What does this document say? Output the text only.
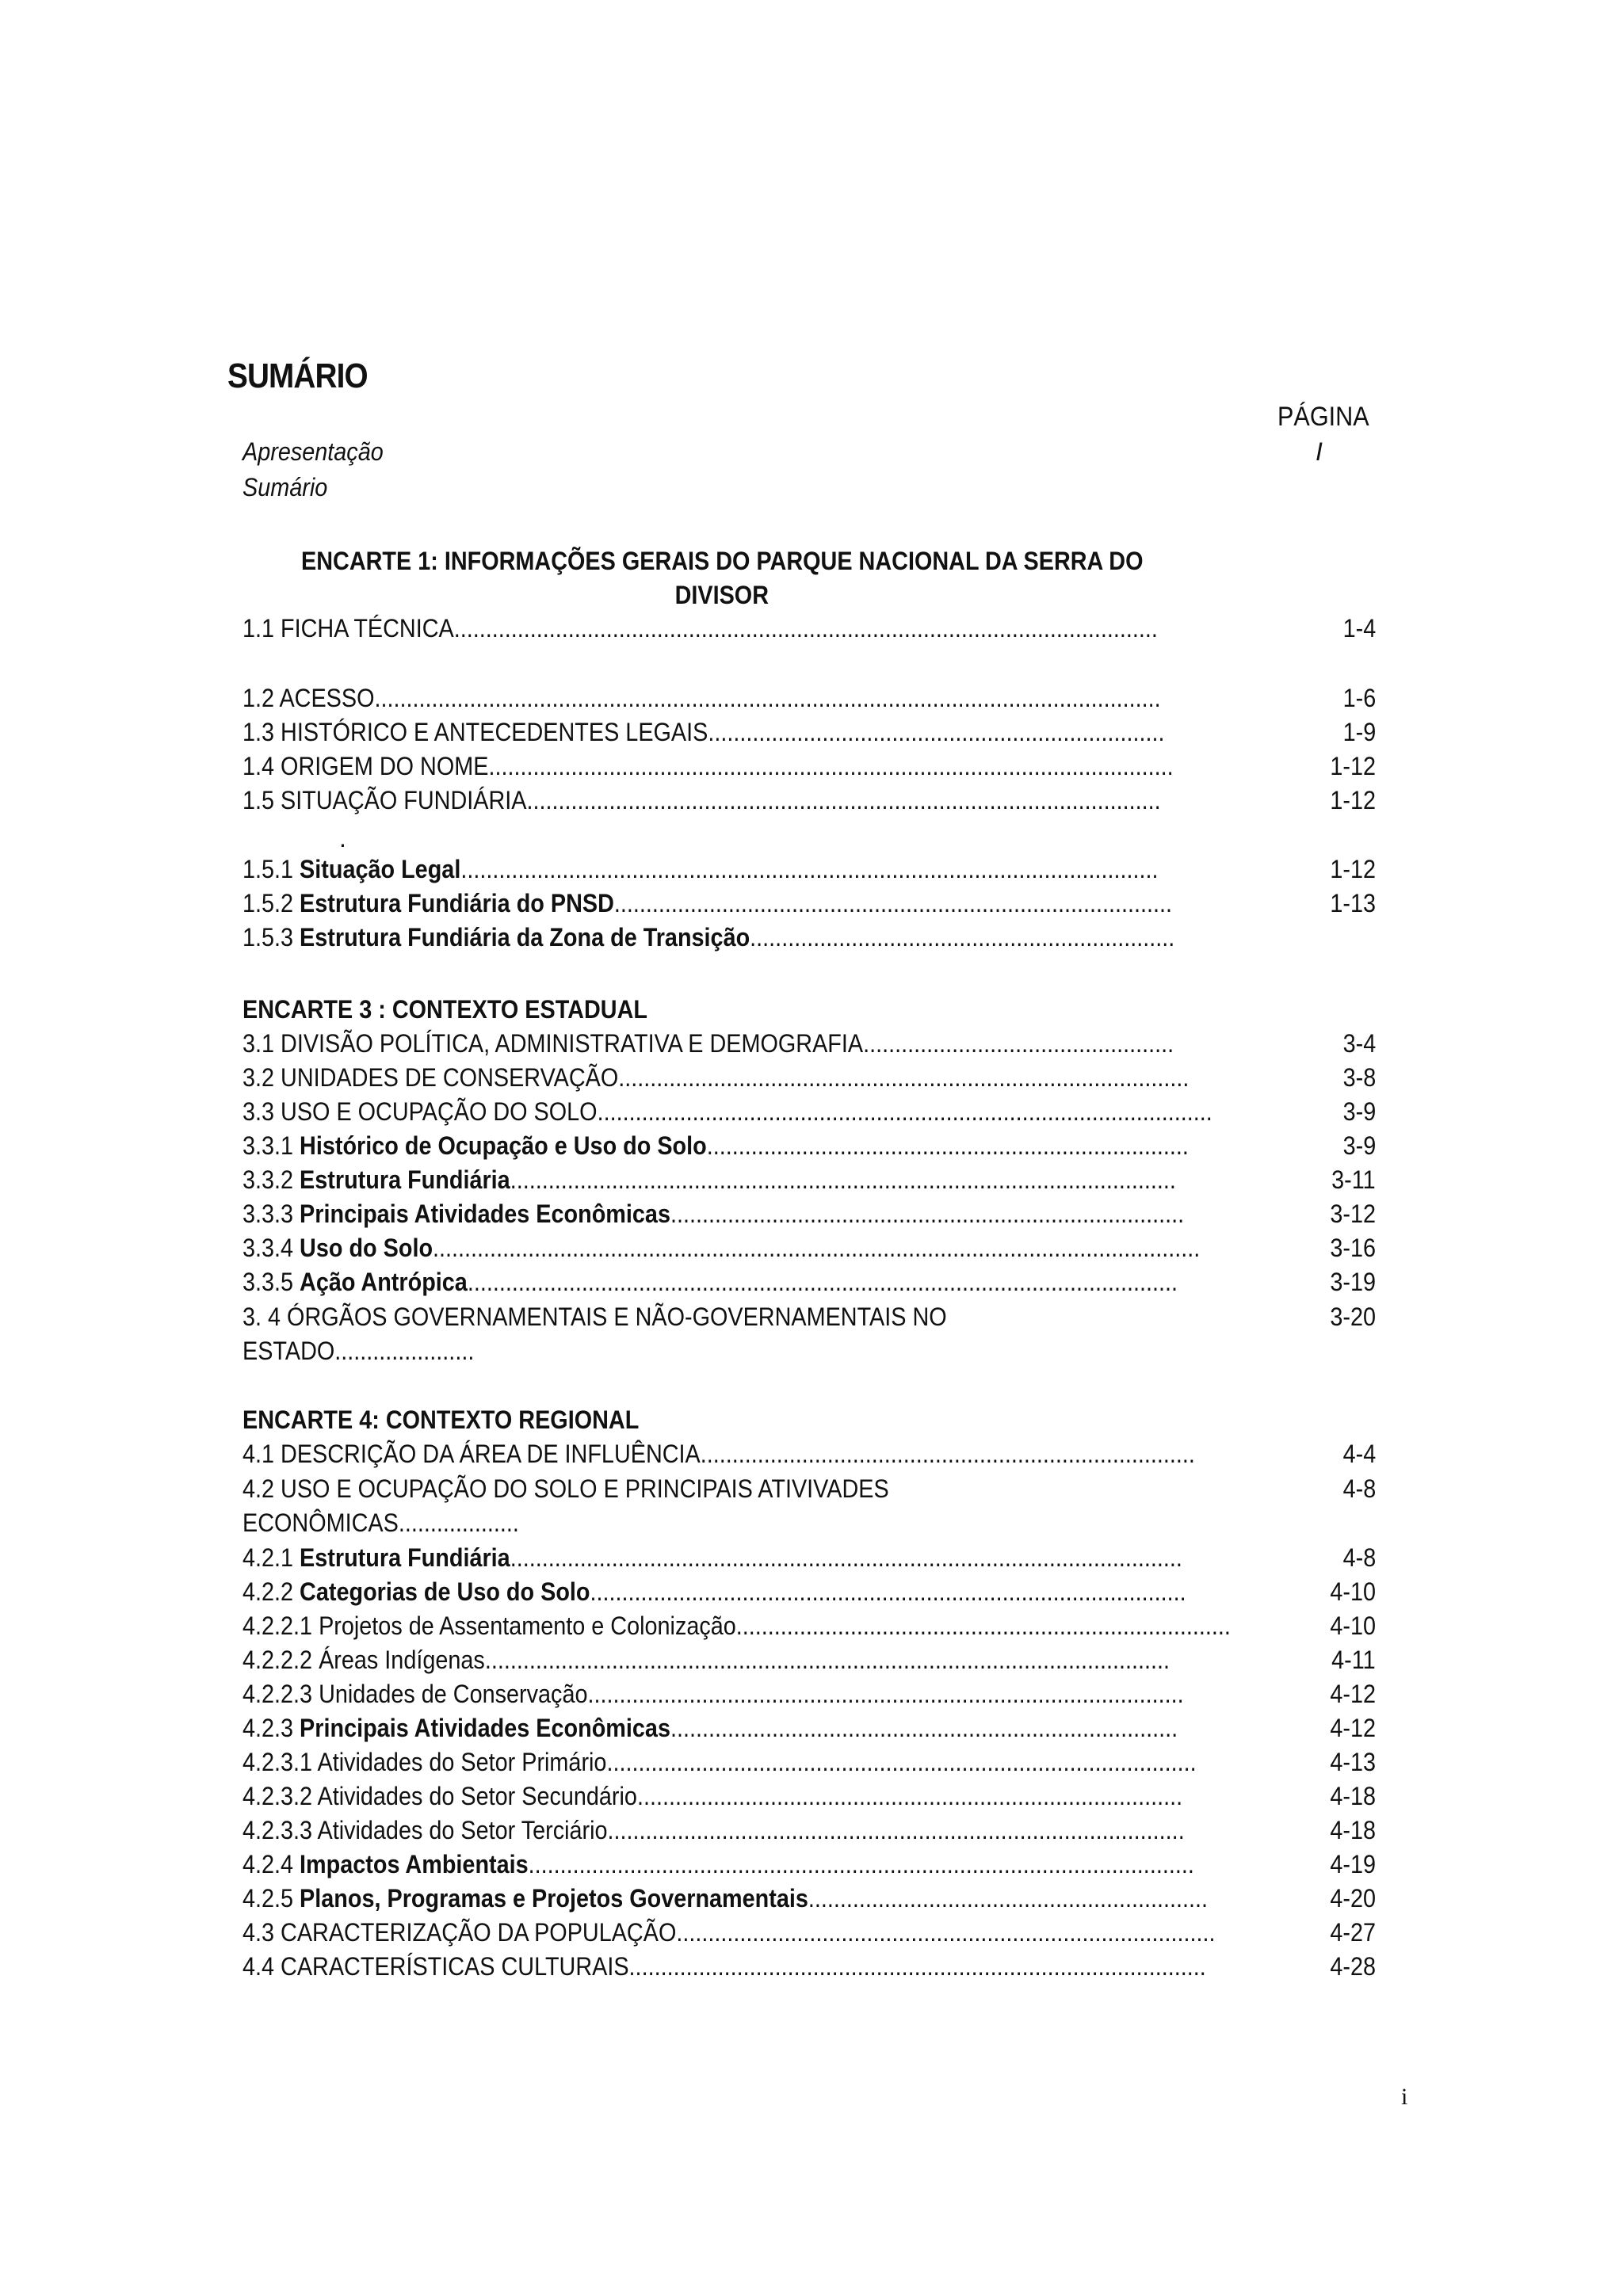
SUMÁRIO
PÁGINA
Apresentação	I
Sumário
ENCARTE 1: INFORMAÇÕES GERAIS DO PARQUE NACIONAL DA SERRA DO
DIVISOR
.
1.1 FICHA TÉCNICA...............................................................................................................	1-4
1.2 ACESSO............................................................................................................................	1-6
1.3 HISTÓRICO E ANTECEDENTES LEGAIS........................................................................	1-9
1.4 ORIGEM DO NOME............................................................................................................	1-12
1.5 SITUAÇÃO FUNDIÁRIA....................................................................................................	1-12
1.5.1 Situação Legal..............................................................................................................	1-12
1.5.2 Estrutura Fundiária do PNSD........................................................................................	1-13
1.5.3 Estrutura Fundiária da Zona de Transição...................................................................
ENCARTE 3 : CONTEXTO ESTADUAL
3.1 DIVISÃO POLÍTICA, ADMINISTRATIVA E DEMOGRAFIA.................................................	3-4
3.2 UNIDADES DE CONSERVAÇÃO..........................................................................................	3-8
3.3 USO E OCUPAÇÃO DO SOLO.................................................................................................	3-9
3.3.1 Histórico de Ocupação e Uso do Solo............................................................................	3-9
3.3.2 Estrutura Fundiária.........................................................................................................	3-11
3.3.3 Principais Atividades Econômicas.................................................................................	3-12
3.3.4 Uso do Solo.........................................................................................................................	3-16
3.3.5 Ação Antrópica................................................................................................................	3-19
3. 4 ÓRGÃOS GOVERNAMENTAIS E NÃO-GOVERNAMENTAIS NO	3-20
ESTADO......................
ENCARTE 4: CONTEXTO REGIONAL
4.1 DESCRIÇÃO DA ÁREA DE INFLUÊNCIA..............................................................................	4-4
4.2 USO E OCUPAÇÃO DO SOLO E PRINCIPAIS ATIVIVADES	4-8
ECONÔMICAS...................
4.2.1 Estrutura Fundiária..........................................................................................................	4-8
4.2.2 Categorias de Uso do Solo..............................................................................................	4-10
4.2.2.1 Projetos de Assentamento e Colonização..............................................................................	4-10
4.2.2.2 Áreas Indígenas............................................................................................................	4-11
4.2.2.3 Unidades de Conservação..............................................................................................	4-12
4.2.3 Principais Atividades Econômicas................................................................................	4-12
4.2.3.1 Atividades do Setor Primário.............................................................................................	4-13
4.2.3.2 Atividades do Setor Secundário......................................................................................	4-18
4.2.3.3 Atividades do Setor Terciário...........................................................................................	4-18
4.2.4 Impactos Ambientais.........................................................................................................	4-19
4.2.5 Planos, Programas e Projetos Governamentais...............................................................	4-20
4.3 CARACTERIZAÇÃO DA POPULAÇÃO.....................................................................................	4-27
4.4 CARACTERÍSTICAS CULTURAIS...........................................................................................	4-28
i
